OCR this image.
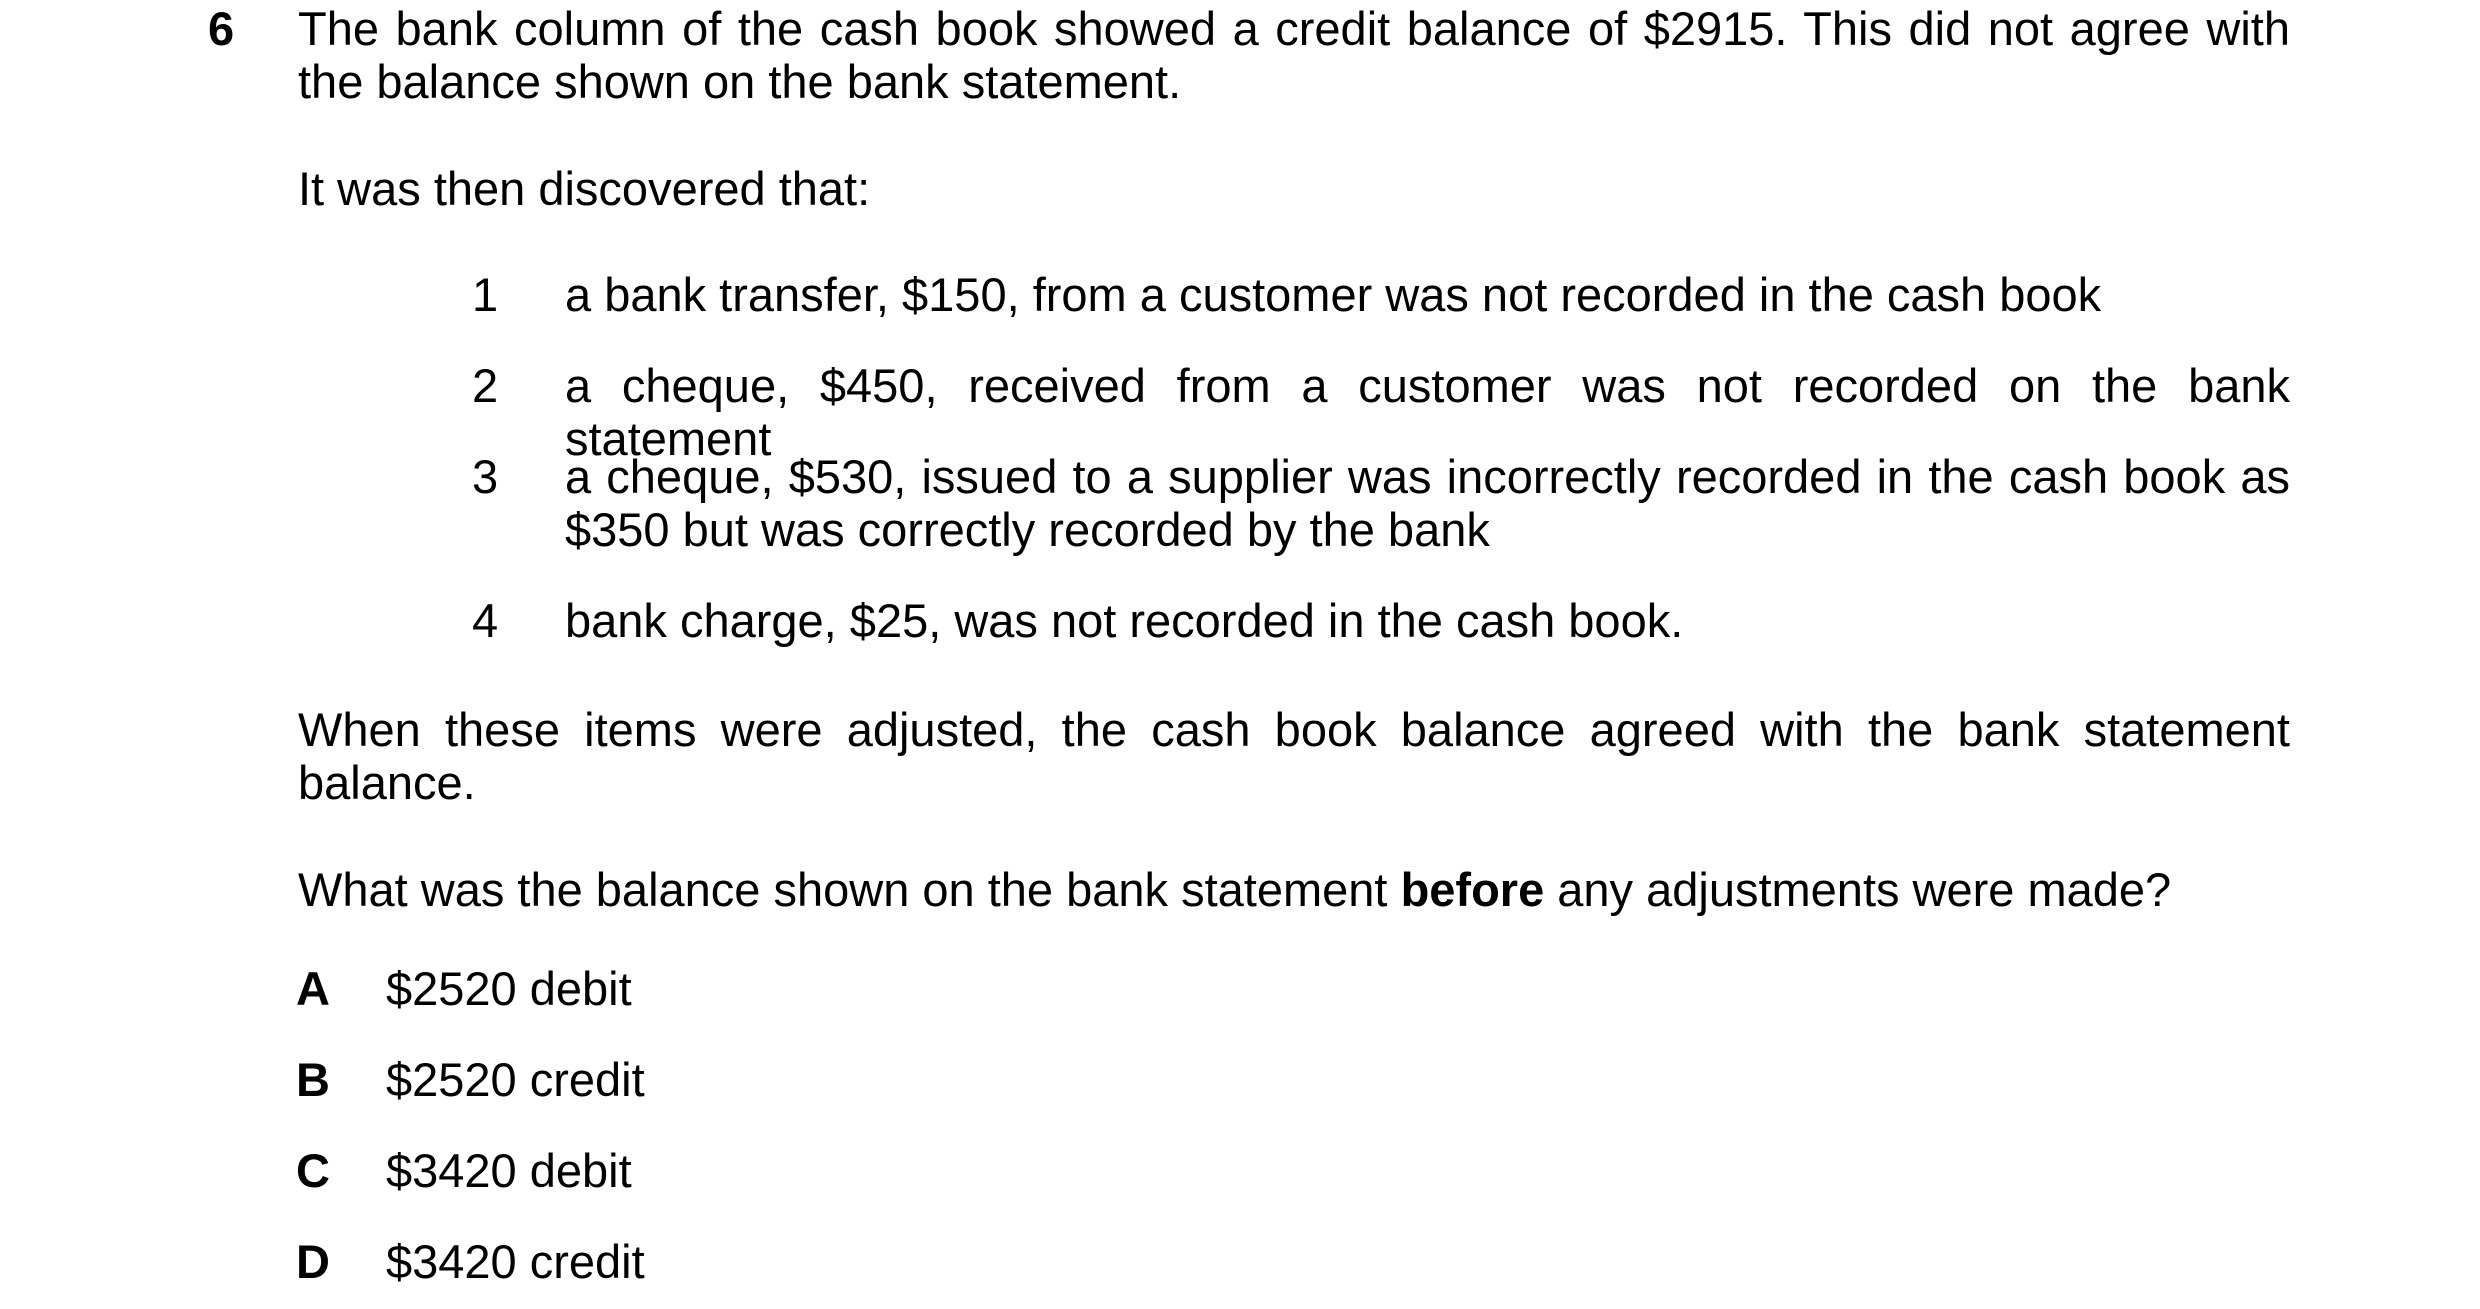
6 The bank column of the cash book showed a credit balance of $2915. This did not agree with the balance shown on the bank statement.
It was then discovered that:
1 a bank transfer, $150, from a customer was not recorded in the cash book
2 a cheque, $450, received from a customer was not recorded on the bank statement
3 a cheque, $530, issued to a supplier was incorrectly recorded in the cash book as $350 but was correctly recorded by the bank
4 bank charge, $25, was not recorded in the cash book.
When these items were adjusted, the cash book balance agreed with the bank statement balance.
What was the balance shown on the bank statement before any adjustments were made?
A $2520 debit
B $2520 credit
C $3420 debit
D $3420 credit
